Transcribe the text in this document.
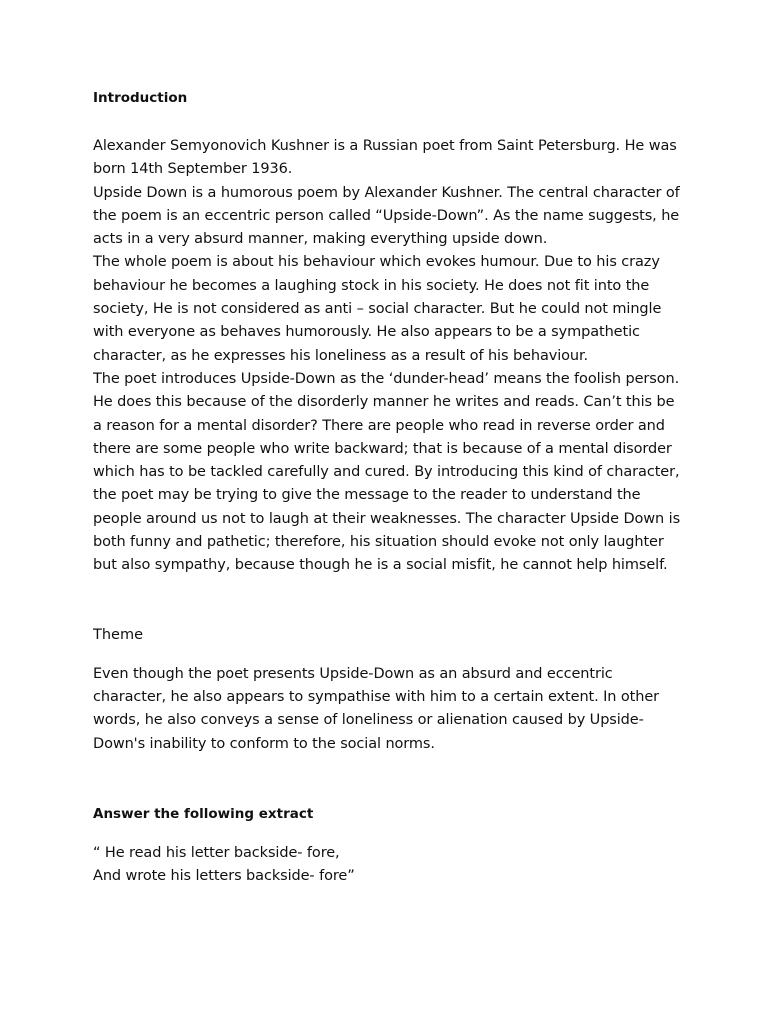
Introduction

Alexander Semyonovich Kushner is a Russian poet from Saint Petersburg. He was born 14th September 1936.
Upside Down is a humorous poem by Alexander Kushner. The central character of the poem is an eccentric person called “Upside-Down”. As the name suggests, he acts in a very absurd manner, making everything upside down.
The whole poem is about his behaviour which evokes humour. Due to his crazy behaviour he becomes a laughing stock in his society. He does not fit into the society, He is not considered as anti – social character. But he could not mingle with everyone as behaves humorously. He also appears to be a sympathetic character, as he expresses his loneliness as a result of his behaviour.
The poet introduces Upside-Down as the ‘dunder-head’ means the foolish person. He does this because of the disorderly manner he writes and reads. Can’t this be a reason for a mental disorder? There are people who read in reverse order and there are some people who write backward; that is because of a mental disorder which has to be tackled carefully and cured. By introducing this kind of character, the poet may be trying to give the message to the reader to understand the people around us not to laugh at their weaknesses. The character Upside Down is both funny and pathetic; therefore, his situation should evoke not only laughter but also sympathy, because though he is a social misfit, he cannot help himself.

Theme

Even though the poet presents Upside-Down as an absurd and eccentric character, he also appears to sympathise with him to a certain extent. In other words, he also conveys a sense of loneliness or alienation caused by Upside-Down's inability to conform to the social norms.

Answer the following extract

“ He read his letter backside- fore,
And wrote his letters backside- fore”
